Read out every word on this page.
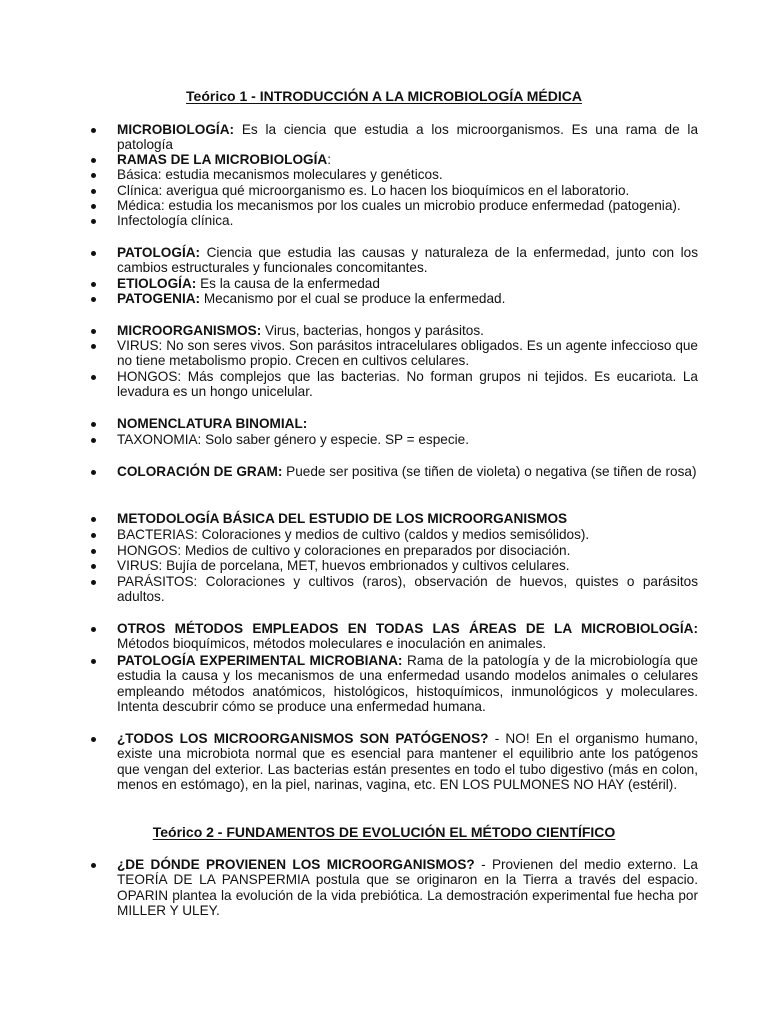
Teórico 1 - INTRODUCCIÓN A LA MICROBIOLOGÍA MÉDICA
MICROBIOLOGÍA: Es la ciencia que estudia a los microorganismos. Es una rama de la patología
RAMAS DE LA MICROBIOLOGÍA:
Básica: estudia mecanismos moleculares y genéticos.
Clínica: averigua qué microorganismo es. Lo hacen los bioquímicos en el laboratorio.
Médica: estudia los mecanismos por los cuales un microbio produce enfermedad (patogenia).
Infectología clínica.
PATOLOGÍA: Ciencia que estudia las causas y naturaleza de la enfermedad, junto con los cambios estructurales y funcionales concomitantes.
ETIOLOGÍA: Es la causa de la enfermedad
PATOGENIA: Mecanismo por el cual se produce la enfermedad.
MICROORGANISMOS: Virus, bacterias, hongos y parásitos.
VIRUS: No son seres vivos. Son parásitos intracelulares obligados. Es un agente infeccioso que no tiene metabolismo propio. Crecen en cultivos celulares.
HONGOS: Más complejos que las bacterias. No forman grupos ni tejidos. Es eucariota. La levadura es un hongo unicelular.
NOMENCLATURA BINOMIAL:
TAXONOMIA: Solo saber género y especie. SP = especie.
COLORACIÓN DE GRAM: Puede ser positiva (se tiñen de violeta) o negativa (se tiñen de rosa)
METODOLOGÍA BÁSICA DEL ESTUDIO DE LOS MICROORGANISMOS
BACTERIAS: Coloraciones y medios de cultivo (caldos y medios semisólidos).
HONGOS: Medios de cultivo y coloraciones en preparados por disociación.
VIRUS: Bujía de porcelana, MET, huevos embrionados y cultivos celulares.
PARÁSITOS: Coloraciones y cultivos (raros), observación de huevos, quistes o parásitos adultos.
OTROS MÉTODOS EMPLEADOS EN TODAS LAS ÁREAS DE LA MICROBIOLOGÍA: Métodos bioquímicos, métodos moleculares e inoculación en animales.
PATOLOGÍA EXPERIMENTAL MICROBIANA: Rama de la patología y de la microbiología que estudia la causa y los mecanismos de una enfermedad usando modelos animales o celulares empleando métodos anatómicos, histológicos, histoquímicos, inmunológicos y moleculares. Intenta descubrir cómo se produce una enfermedad humana.
¿TODOS LOS MICROORGANISMOS SON PATÓGENOS? - NO! En el organismo humano, existe una microbiota normal que es esencial para mantener el equilibrio ante los patógenos que vengan del exterior. Las bacterias están presentes en todo el tubo digestivo (más en colon, menos en estómago), en la piel, narinas, vagina, etc. EN LOS PULMONES NO HAY (estéril).
Teórico 2 - FUNDAMENTOS DE EVOLUCIÓN EL MÉTODO CIENTÍFICO
¿DE DÓNDE PROVIENEN LOS MICROORGANISMOS? - Provienen del medio externo. La TEORÍA DE LA PANSPERMIA postula que se originaron en la Tierra a través del espacio. OPARIN plantea la evolución de la vida prebiótica. La demostración experimental fue hecha por MILLER Y ULEY.
